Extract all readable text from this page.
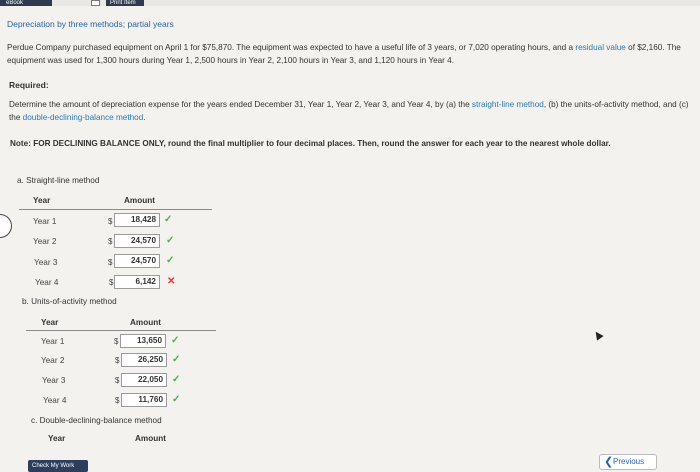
eBook	Print Item
Depreciation by three methods; partial years
Perdue Company purchased equipment on April 1 for $75,870. The equipment was expected to have a useful life of 3 years, or 7,020 operating hours, and a residual value of $2,160. The equipment was used for 1,300 hours during Year 1, 2,500 hours in Year 2, 2,100 hours in Year 3, and 1,120 hours in Year 4.
Required:
Determine the amount of depreciation expense for the years ended December 31, Year 1, Year 2, Year 3, and Year 4, by (a) the straight-line method, (b) the units-of-activity method, and (c) the double-declining-balance method.
Note: FOR DECLINING BALANCE ONLY, round the final multiplier to four decimal places. Then, round the answer for each year to the nearest whole dollar.
a. Straight-line method
Year	Amount
Year 1	$	18,428 ✓
Year 2	$	24,570	✓
Year 3	$	24,570	✓
Year 4	$	6,142	✕
b. Units-of-activity method
Year	Amount
Year 1	$	13,650 ✓
Year 2	$	26,250 ✓
Year 3	$	22,050 ✓
Year 4	$	11,760 ✓
c. Double-declining-balance method
Year	Amount
Check My Work	❮ Previous
